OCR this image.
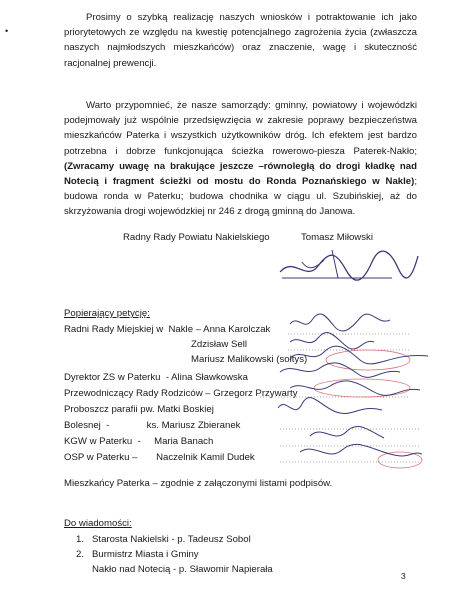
•

Prosimy o szybką realizację naszych wniosków i potraktowanie ich jako priorytetowych ze względu na kwestię potencjalnego zagrożenia życia (zwłaszcza naszych najmłodszych mieszkańców) oraz znaczenie, wagę i skuteczność racjonalnej prewencji.

Warto przypomnieć, że nasze samorządy: gminny, powiatowy i wojewódzki podejmowały już wspólnie przedsięwzięcia w zakresie poprawy bezpieczeństwa mieszkańców Paterka i wszystkich użytkowników dróg. Ich efektem jest bardzo potrzebna i dobrze funkcjonująca ścieżka rowerowo-piesza Paterek-Nakło; (Zwracamy uwagę na brakujące jeszcze –równoległą do drogi kładkę nad Notecią i fragment ścieżki od mostu do Ronda Poznańskiego w Nakle); budowa ronda w Paterku; budowa chodnika w ciągu ul. Szubińskiej, aż do skrzyżowania drogi wojewódzkiej nr 246 z drogą gminną do Janowa.

Radny Rady Powiatu Nakielskiego	Tomasz Miłowski

Popierający petycję:

Radni Rady Miejskiej w  Nakle – Anna Karolczak
Zdzisław Sell
Mariusz Malikowski (sołtys)
Dyrektor ZS w Paterku  - Alina Sławkowska
Przewodniczący Rady Rodziców – Grzegorz Przywarty
Proboszcz parafii pw. Matki Boskiej
Bolesnej  -              ks. Mariusz Zbieranek
KGW w Paterku  -     Maria Banach
OSP w Paterku –       Naczelnik Kamil Dudek
Mieszkańcy Paterka – zgodnie z załączonymi listami podpisów.

Do wiadomości:

1. Starosta Nakielski - p. Tadeusz Sobol
2. Burmistrz Miasta i Gminy
Nakło nad Notecią - p. Sławomir Napierała
3
